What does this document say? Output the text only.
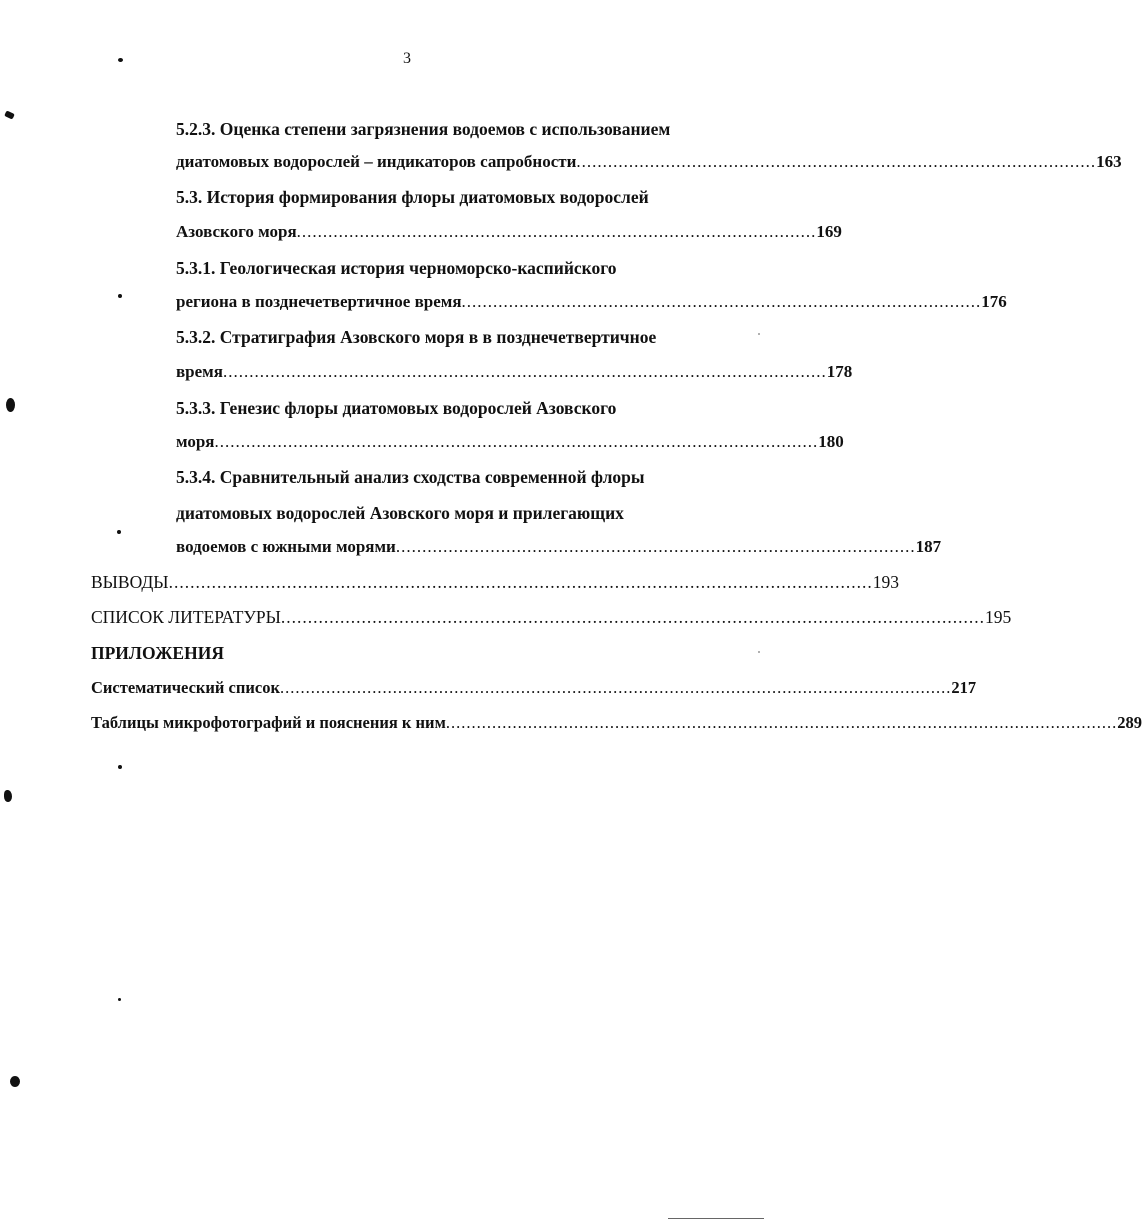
3
5.2.3. Оценка степени загрязнения водоемов с использованием
диатомовых водорослей – индикаторов сапробности ................................................................................................... 163
5.3. История формирования флоры диатомовых водорослей
Азовского моря ................................................................................................... 169
5.3.1. Геологическая история черноморско-каспийского
региона в позднечетвертичное время ................................................................................................... 176
5.3.2. Стратиграфия Азовского моря в в позднечетвертичное
время ................................................................................................................... 178
5.3.3. Генезис флоры диатомовых водорослей Азовского
моря ................................................................................................................... 180
5.3.4. Сравнительный анализ сходства современной флоры
диатомовых водорослей Азовского моря и прилегающих
водоемов с южными морями ................................................................................................... 187
ВЫВОДЫ ................................................................................................................................... 193
СПИСОК ЛИТЕРАТУРЫ ................................................................................................................................... 195
ПРИЛОЖЕНИЯ
Систематический список ................................................................................................................................... 217
Таблицы микрофотографий и пояснения к ним ................................................................................................................................... 289
